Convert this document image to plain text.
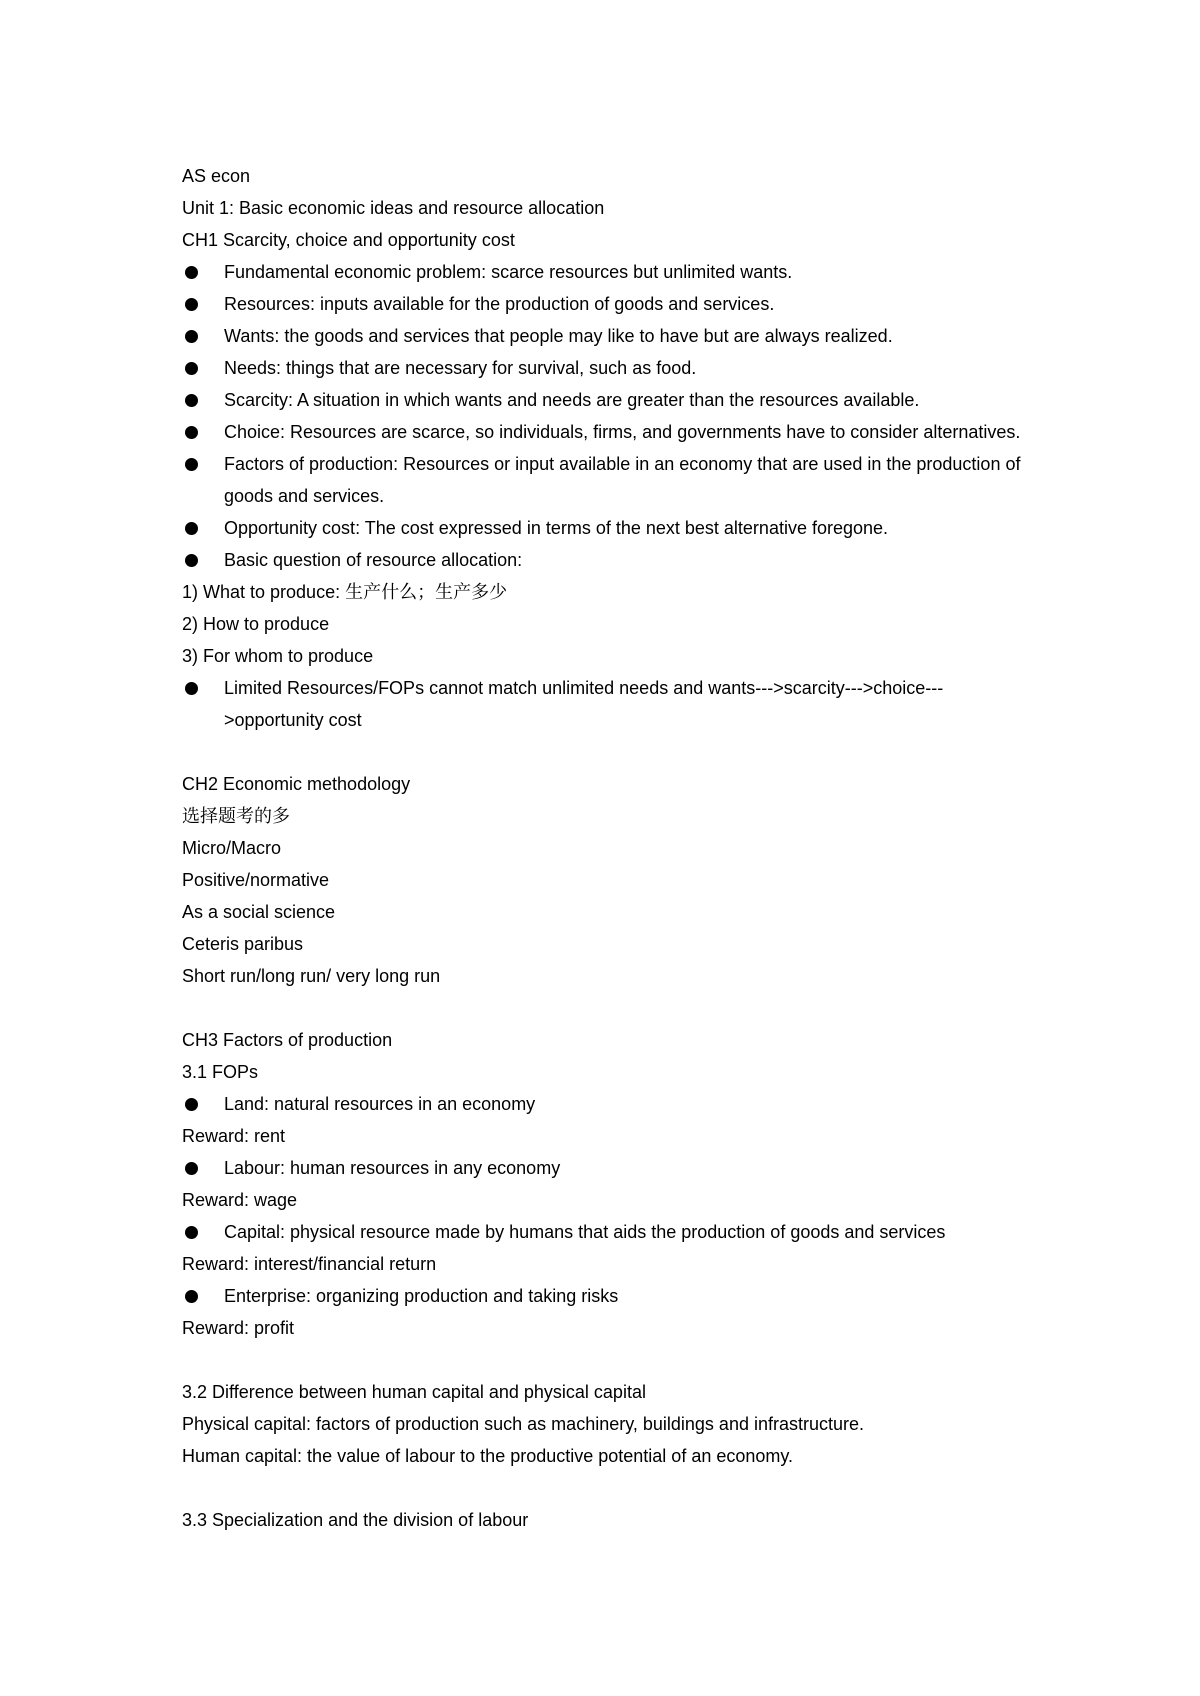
AS econ
Unit 1: Basic economic ideas and resource allocation
CH1 Scarcity, choice and opportunity cost
Fundamental economic problem: scarce resources but unlimited wants.
Resources: inputs available for the production of goods and services.
Wants: the goods and services that people may like to have but are always realized.
Needs: things that are necessary for survival, such as food.
Scarcity: A situation in which wants and needs are greater than the resources available.
Choice: Resources are scarce, so individuals, firms, and governments have to consider alternatives.
Factors of production: Resources or input available in an economy that are used in the production of goods and services.
Opportunity cost: The cost expressed in terms of the next best alternative foregone.
Basic question of resource allocation:
1) What to produce: 生产什么；生产多少
2) How to produce
3) For whom to produce
Limited Resources/FOPs cannot match unlimited needs and wants--->scarcity--->choice--->opportunity cost
CH2 Economic methodology
选择题考的多
Micro/Macro
Positive/normative
As a social science
Ceteris paribus
Short run/long run/ very long run
CH3 Factors of production
3.1 FOPs
Land: natural resources in an economy
Reward: rent
Labour: human resources in any economy
Reward: wage
Capital: physical resource made by humans that aids the production of goods and services
Reward: interest/financial return
Enterprise: organizing production and taking risks
Reward: profit
3.2 Difference between human capital and physical capital
Physical capital: factors of production such as machinery, buildings and infrastructure.
Human capital: the value of labour to the productive potential of an economy.
3.3 Specialization and the division of labour
